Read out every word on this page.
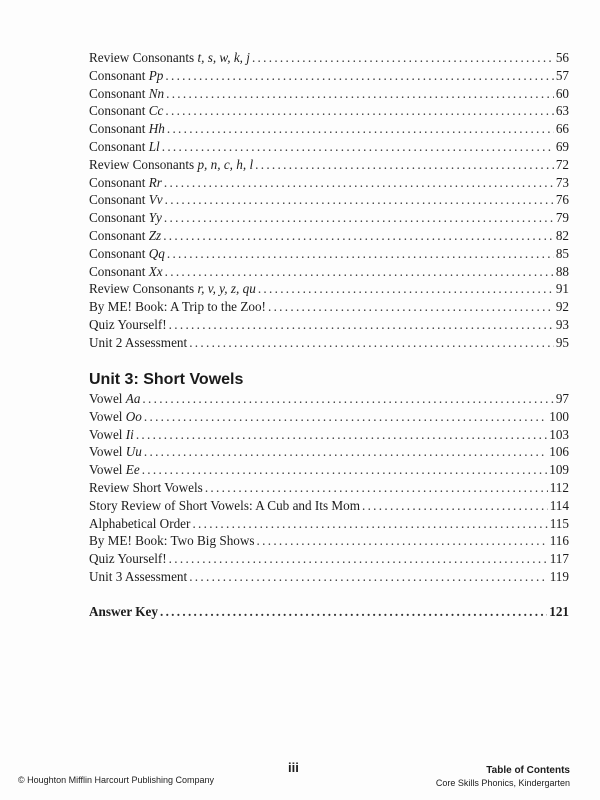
Review Consonants t, s, w, k, j . . .	56
Consonant Pp . . .	57
Consonant Nn . . .	60
Consonant Cc . . .	63
Consonant Hh . . .	66
Consonant Ll . . .	69
Review Consonants p, n, c, h, l . . .	72
Consonant Rr . . .	73
Consonant Vv . . .	76
Consonant Yy . . .	79
Consonant Zz . . .	82
Consonant Qq . . .	85
Consonant Xx . . .	88
Review Consonants r, v, y, z, qu . . .	91
By ME! Book: A Trip to the Zoo! . . .	92
Quiz Yourself! . . .	93
Unit 2 Assessment . . .	95
Unit 3: Short Vowels
Vowel Aa . . .	97
Vowel Oo . . .	100
Vowel Ii . . .	103
Vowel Uu . . .	106
Vowel Ee . . .	109
Review Short Vowels . . .	112
Story Review of Short Vowels: A Cub and Its Mom . . .	114
Alphabetical Order . . .	115
By ME! Book: Two Big Shows . . .	116
Quiz Yourself! . . .	117
Unit 3 Assessment . . .	119
Answer Key . . .	121
© Houghton Mifflin Harcourt Publishing Company
iii	Table of Contents
Core Skills Phonics, Kindergarten
